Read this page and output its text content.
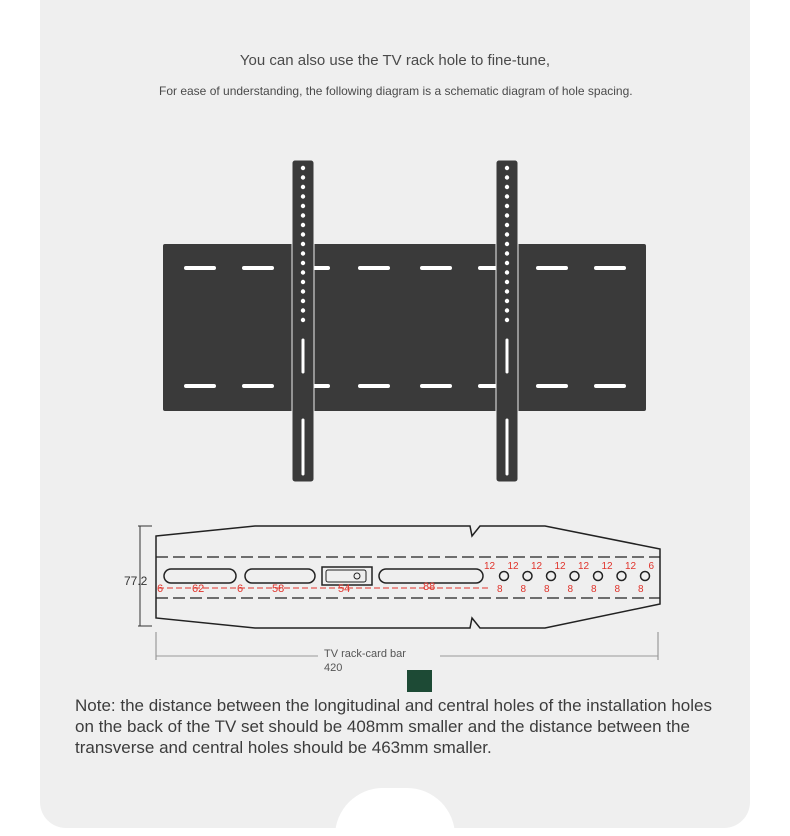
You can also use the TV rack hole to fine-tune,
For ease of understanding, the following diagram is a schematic diagram of hole spacing.
77.2
6	62	6	58	54	88
12 12 12 12 12 12 12 6
8 8 8 8 8 8 8
TV rack-card bar
420
Note: the distance between the longitudinal and central holes of the installation holes on the back of the TV set should be 408mm smaller and the distance between the transverse and central holes should be 463mm smaller.
